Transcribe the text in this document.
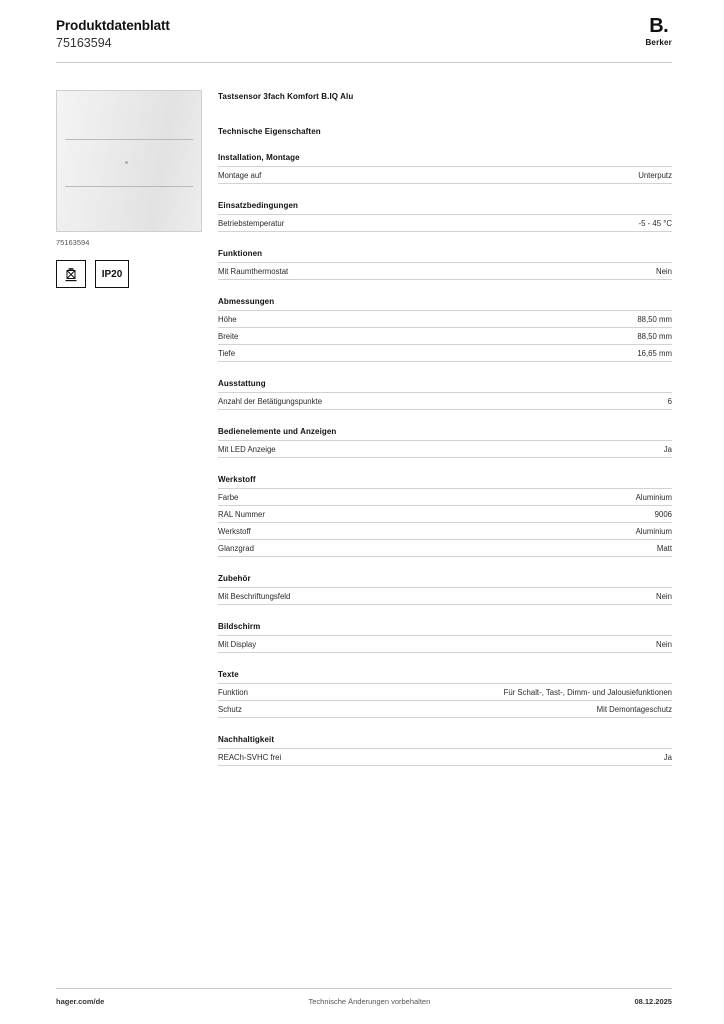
Produktdatenblatt
75163594
B.
Berker
75163594
IP20
Tastsensor 3fach Komfort B.IQ Alu
Technische Eigenschaften
Installation, Montage
Montage auf	Unterputz
Einsatzbedingungen
Betriebstemperatur	-5 - 45 °C
Funktionen
Mit Raumthermostat	Nein
Abmessungen
Höhe	88,50 mm
Breite	88,50 mm
Tiefe	16,65 mm
Ausstattung
Anzahl der Betätigungspunkte	6
Bedienelemente und Anzeigen
Mit LED Anzeige	Ja
Werkstoff
Farbe	Aluminium
RAL Nummer	9006
Werkstoff	Aluminium
Glanzgrad	Matt
Zubehör
Mit Beschriftungsfeld	Nein
Bildschirm
Mit Display	Nein
Texte
Funktion	Für Schalt-, Tast-, Dimm- und Jalousiefunktionen
Schutz	Mit Demontageschutz
Nachhaltigkeit
REACh-SVHC frei	Ja
hager.com/de	Technische Änderungen vorbehalten	08.12.2025
